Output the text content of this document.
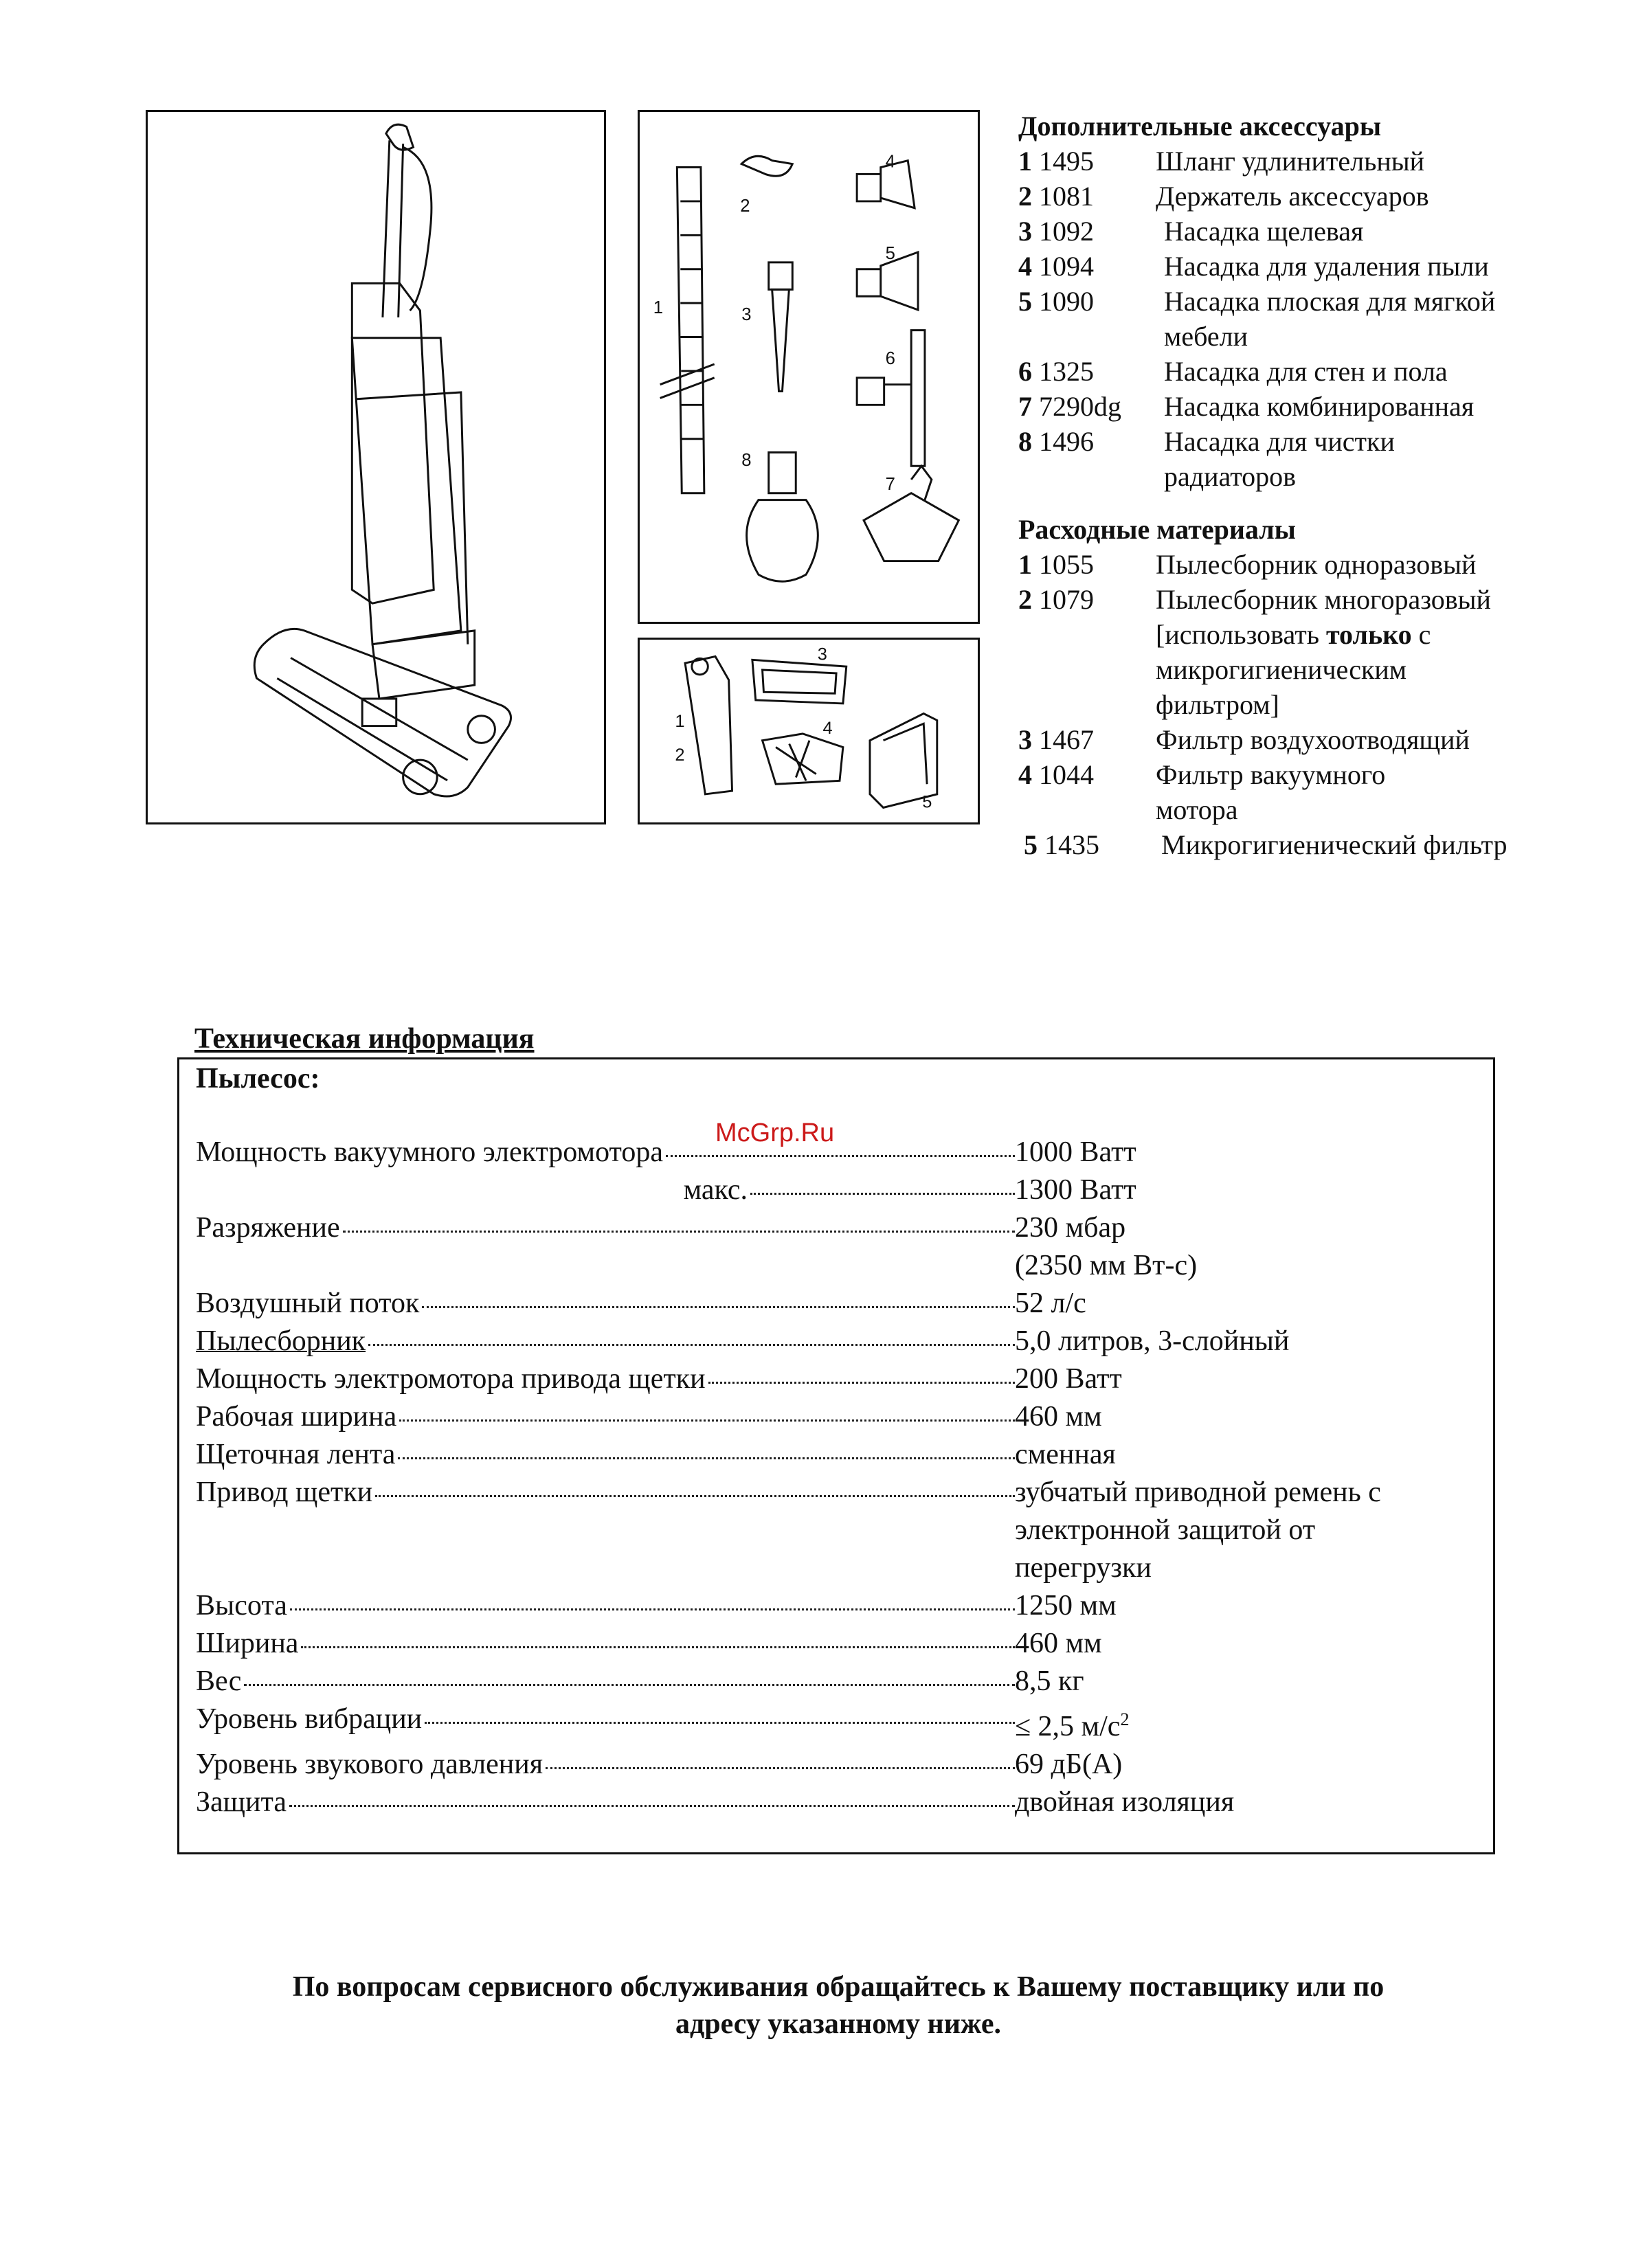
1
2
3
4
5
6
7
8
3
1
2
4
5
Дополнительные аксессуары
1 1495	Шланг удлинительный
2 1081	Держатель аксессуаров
3 1092	Насадка щелевая
4 1094	Насадка для удаления пыли
5 1090	Насадка плоская для мягкой
мебели
6 1325	Насадка для стен и пола
7 7290dg	Насадка комбинированная
8 1496	Насадка для чистки
радиаторов
Расходные материалы
1 1055	Пылесборник одноразовый
2 1079	Пылесборник многоразовый
[использовать только с
микрогигиеническим
фильтром]
3 1467	Фильтр воздухоотводящий
4 1044	Фильтр вакуумного
мотора
5 1435	Микрогигиенический фильтр
Техническая информация
Пылесос:
McGrp.Ru
Мощность вакуумного электромотора	1000 Ватт
макс.	1300 Ватт
Разряжение	230 мбар
(2350 мм Вт-с)
Воздушный поток	52 л/с
Пылесборник	5,0 литров, 3-слойный
Мощность электромотора привода щетки	200 Ватт
Рабочая ширина	460 мм
Щеточная лента	сменная
Привод щетки	зубчатый приводной ремень с
электронной защитой от
перегрузки
Высота	1250 мм
Ширина	460 мм
Вес	8,5 кг
Уровень вибрации	≤ 2,5 $м/с^2$
Уровень звукового давления	69 дБ(А)
Защита	двойная изоляция

По вопросам сервисного обслуживания обращайтесь к Вашему поставщику или по

адресу указанному ниже.
